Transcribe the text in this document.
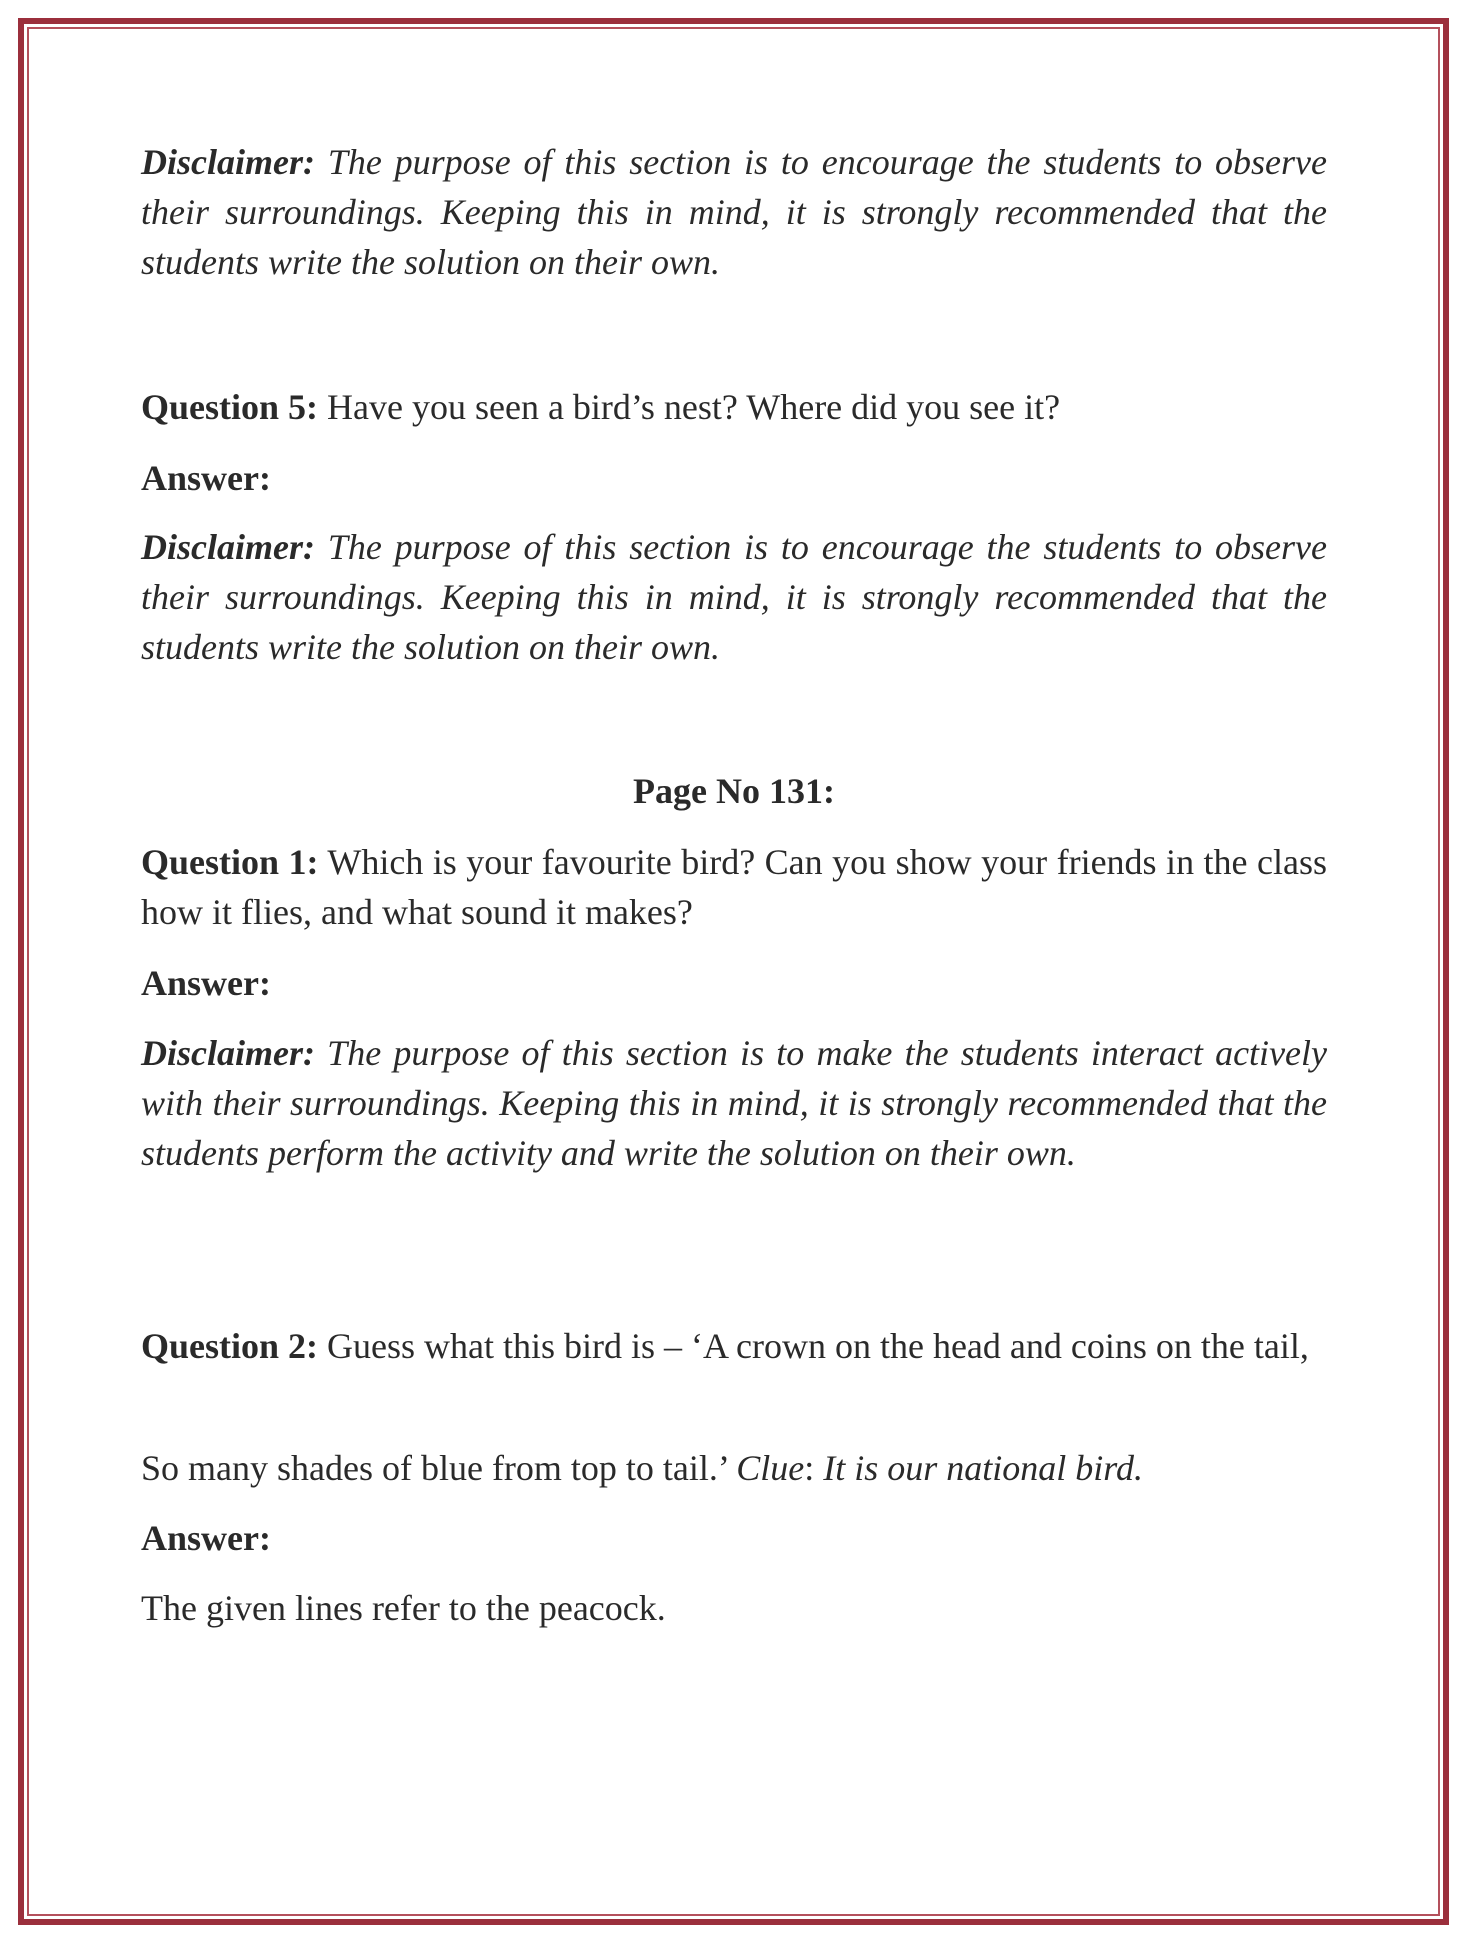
Disclaimer: The purpose of this section is to encourage the students to observe their surroundings. Keeping this in mind, it is strongly recommended that the students write the solution on their own.

Question 5: Have you seen a bird’s nest? Where did you see it?

Answer:

Disclaimer: The purpose of this section is to encourage the students to observe their surroundings. Keeping this in mind, it is strongly recommended that the students write the solution on their own.

Page No 131:

Question 1: Which is your favourite bird? Can you show your friends in the class how it flies, and what sound it makes?

Answer:

Disclaimer: The purpose of this section is to make the students interact actively with their surroundings. Keeping this in mind, it is strongly recommended that the students perform the activity and write the solution on their own.

Question 2: Guess what this bird is – ‘A crown on the head and coins on the tail,

So many shades of blue from top to tail.’ Clue: It is our national bird.

Answer:

The given lines refer to the peacock.
